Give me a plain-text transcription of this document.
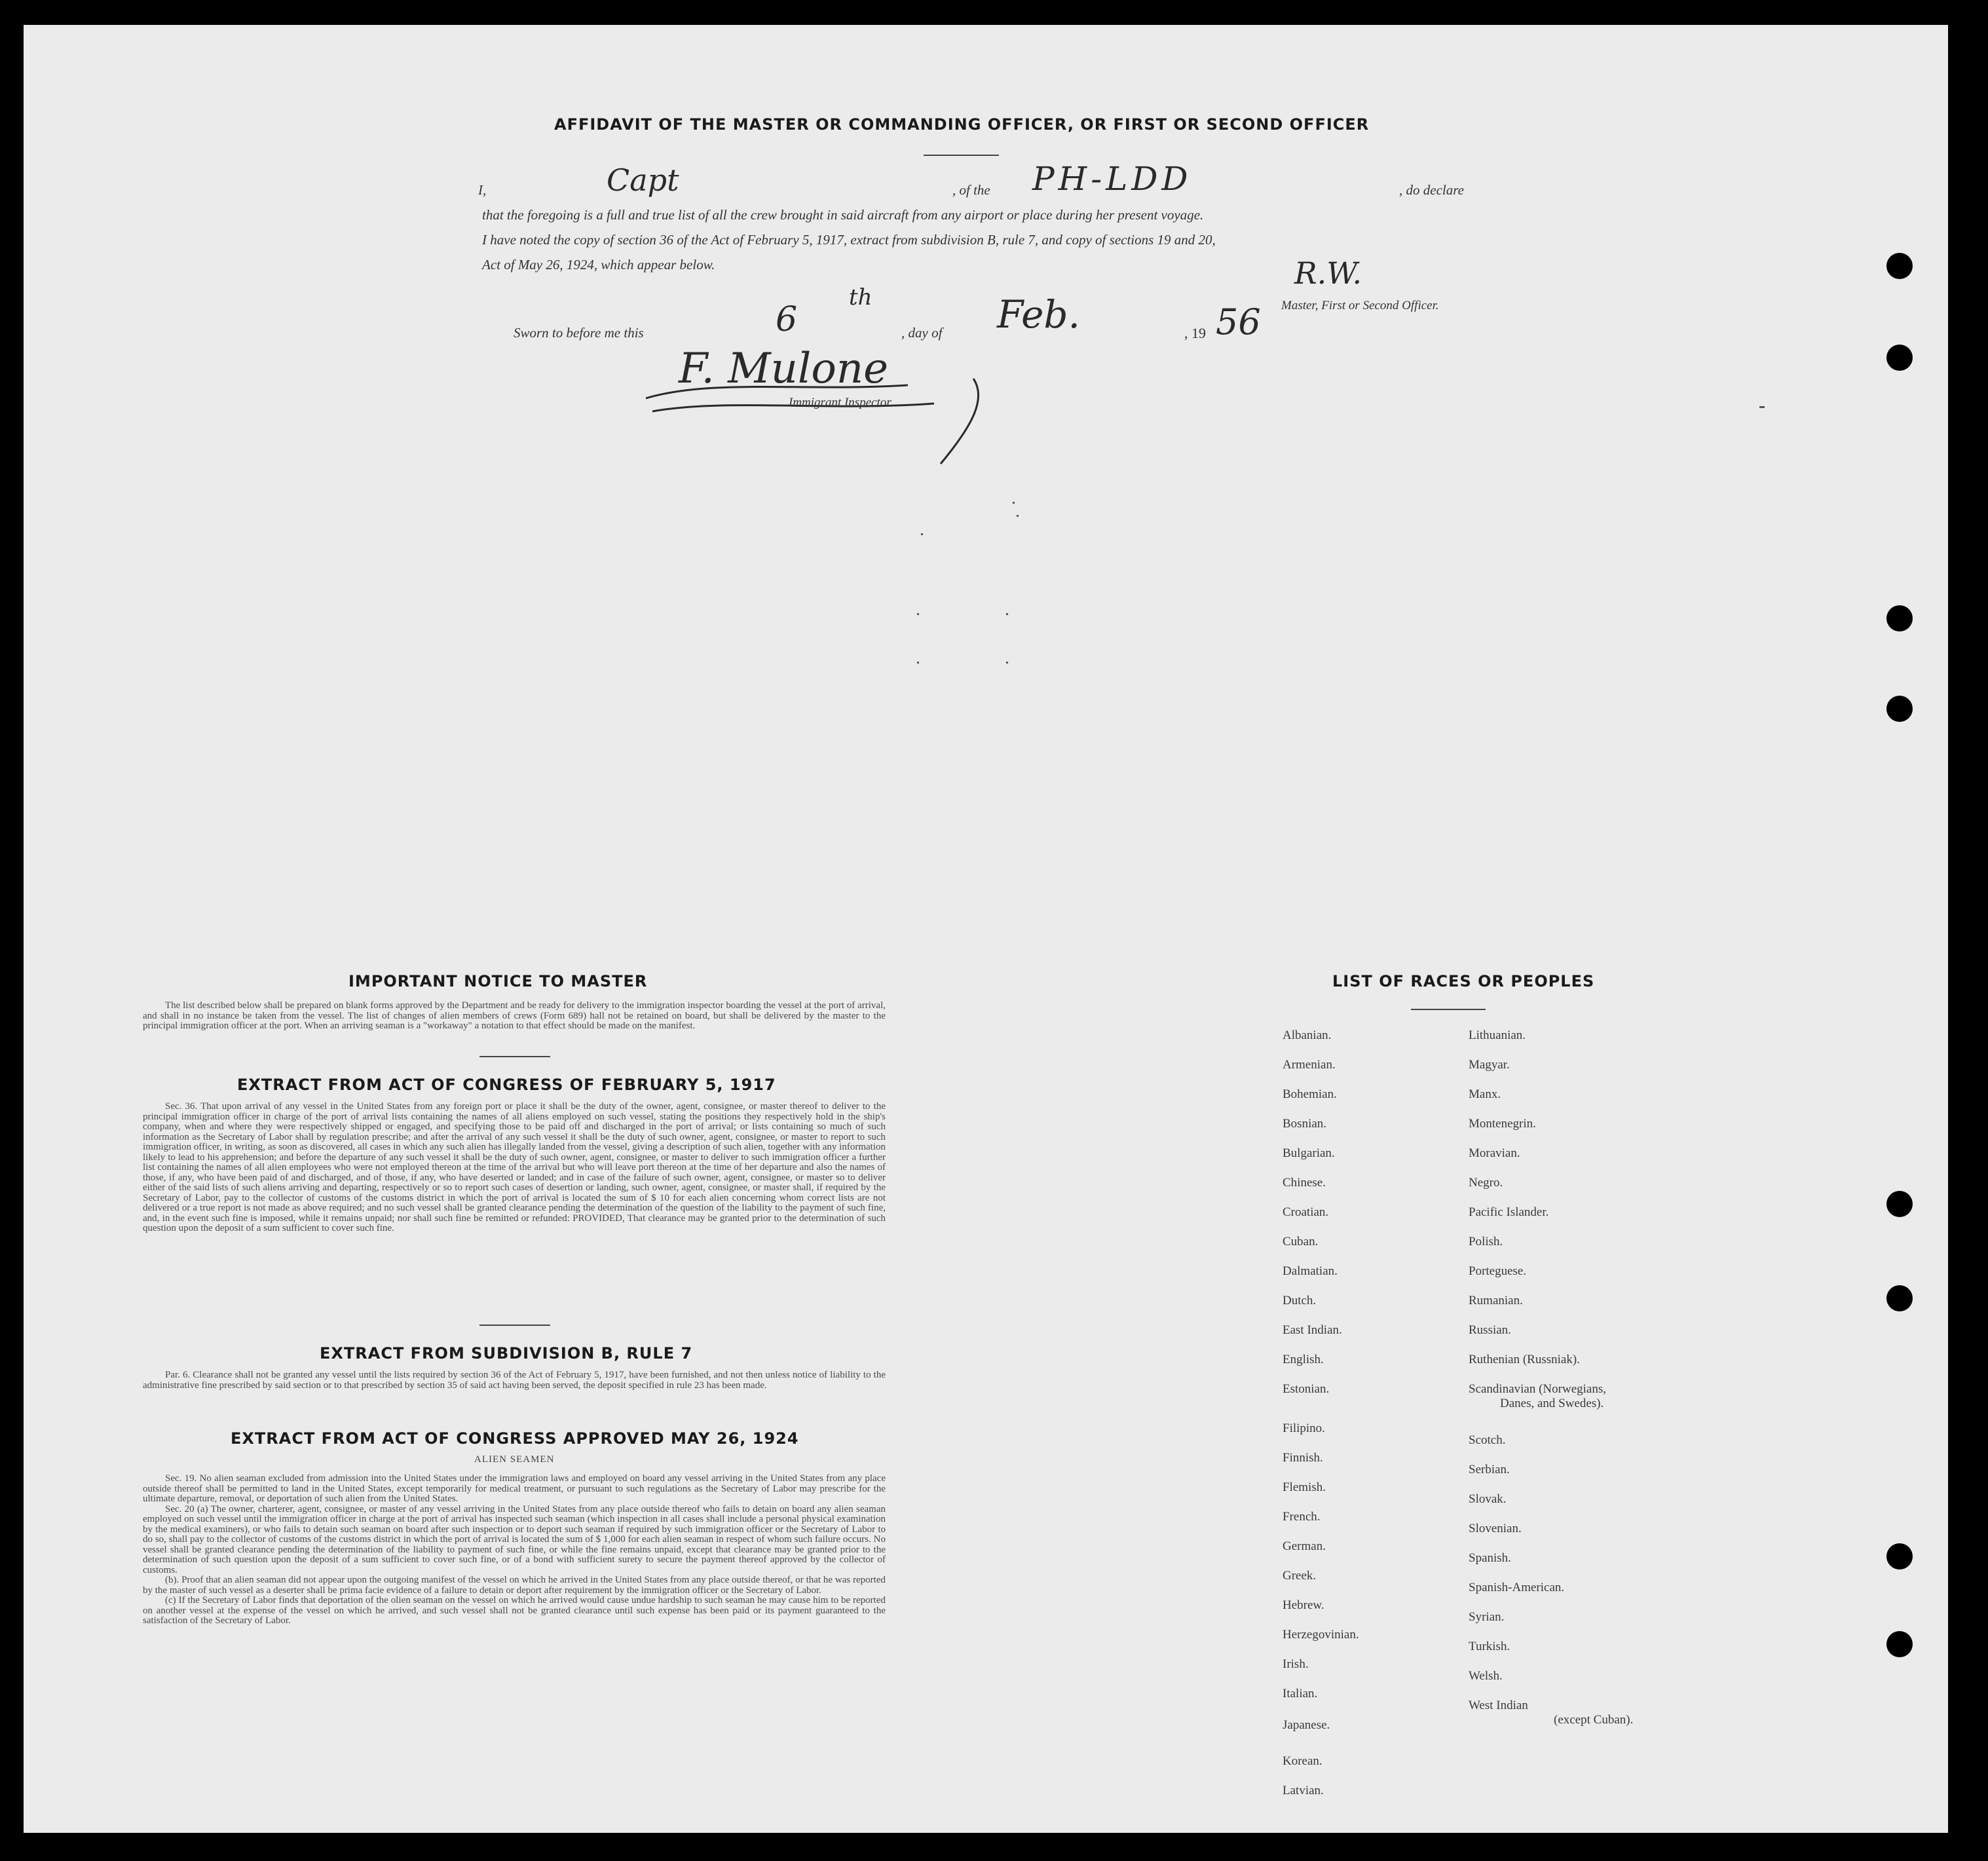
AFFIDAVIT OF THE MASTER OR COMMANDING OFFICER, OR FIRST OR SECOND OFFICER
I,	Capt	, of the PH-LDD	, do declare
that the foregoing is a full and true list of all the crew brought in said aircraft from any airport or place during her present voyage.
I have noted the copy of section 36 of the Act of February 5, 1917, extract from subdivision B, rule 7, and copy of sections 19 and 20,
Act of May 26, 1924, which appear below.	R.W.
Master, First or Second Officer.
Sworn to before me this	6
th
, day of Feb.	, 19 56
F. Mulone
Immigrant Inspector.
IMPORTANT NOTICE TO MASTER

The list described below shall be prepared on blank forms approved by the Department and be ready for delivery to the immigration inspector boarding the vessel at the port of arrival, and shall in no instance be taken from the vessel. The list of changes of alien members of crews (Form 689) hall not be retained on board, but shall be delivered by the master to the principal immigration officer at the port. When an arriving seaman is a "workaway" a notation to that effect should be made on the manifest.

EXTRACT FROM ACT OF CONGRESS OF FEBRUARY 5, 1917

Sec. 36. That upon arrival of any vessel in the United States from any foreign port or place it shall be the duty of the owner, agent, consignee, or master thereof to deliver to the principal immigration officer in charge of the port of arrival lists containing the names of all aliens employed on such vessel, stating the positions they respectively hold in the ship's company, when and where they were respectively shipped or engaged, and specifying those to be paid off and discharged in the port of arrival; or lists containing so much of such information as the Secretary of Labor shall by regulation prescribe; and after the arrival of any such vessel it shall be the duty of such owner, agent, consignee, or master to report to such immigration officer, in writing, as soon as discovered, all cases in which any such alien has illegally landed from the vessel, giving a description of such alien, together with any information likely to lead to his apprehension; and before the departure of any such vessel it shall be the duty of such owner, agent, consignee, or master to deliver to such immigration officer a further list containing the names of all alien employees who were not employed thereon at the time of the arrival but who will leave port thereon at the time of her departure and also the names of those, if any, who have been paid of and discharged, and of those, if any, who have deserted or landed; and in case of the failure of such owner, agent, consignee, or master so to deliver either of the said lists of such aliens arriving and departing, respectively or so to report such cases of desertion or landing, such owner, agent, consignee, or master shall, if required by the Secretary of Labor, pay to the collector of customs of the customs district in which the port of arrival is located the sum of $ 10 for each alien concerning whom correct lists are not delivered or a true report is not made as above required; and no such vessel shall be granted clearance pending the determination of the question of the liability to the payment of such fine, and, in the event such fine is imposed, while it remains unpaid; nor shall such fine be remitted or refunded: PROVIDED, That clearance may be granted prior to the determination of such question upon the deposit of a sum sufficient to cover such fine.

EXTRACT FROM SUBDIVISION B, RULE 7

Par. 6. Clearance shall not be granted any vessel until the lists required by section 36 of the Act of February 5, 1917, have been furnished, and not then unless notice of liability to the administrative fine prescribed by said section or to that prescribed by section 35 of said act having been served, the deposit specified in rule 23 has been made.

EXTRACT FROM ACT OF CONGRESS APPROVED MAY 26, 1924
ALIEN SEAMEN

Sec. 19. No alien seaman excluded from admission into the United States under the immigration laws and employed on board any vessel arriving in the United States from any place outside thereof shall be permitted to land in the United States, except temporarily for medical treatment, or pursuant to such regulations as the Secretary of Labor may prescribe for the ultimate departure, removal, or deportation of such alien from the United States.

Sec. 20 (a) The owner, charterer, agent, consignee, or master of any vessel arriving in the United States from any place outside thereof who fails to detain on board any alien seaman employed on such vessel until the immigration officer in charge at the port of arrival has inspected such seaman (which inspection in all cases shall include a personal physical examination by the medical examiners), or who fails to detain such seaman on board after such inspection or to deport such seaman if required by such immigration officer or the Secretary of Labor to do so, shall pay to the collector of customs of the customs district in which the port of arrival is located the sum of $ 1,000 for each alien seaman in respect of whom such failure occurs. No vessel shall be granted clearance pending the determination of the liability to payment of such fine, or while the fine remains unpaid, except that clearance may be granted prior to the determination of such question upon the deposit of a sum sufficient to cover such fine, or of a bond with sufficient surety to secure the payment thereof approved by the collector of customs.

(b). Proof that an alien seaman did not appear upon the outgoing manifest of the vessel on which he arrived in the United States from any place outside thereof, or that he was reported by the master of such vessel as a deserter shall be prima facie evidence of a failure to detain or deport after requirement by the immigration officer or the Secretary of Labor.

(c) If the Secretary of Labor finds that deportation of the olien seaman on the vessel on which he arrived would cause undue hardship to such seaman he may cause him to be reported on another vessel at the expense of the vessel on which he arrived, and such vessel shall not be granted clearance until such expense has been paid or its payment guaranteed to the satisfaction of the Secretary of Labor.

LIST OF RACES OR PEOPLES
Albanian.
Armenian.
Bohemian.
Bosnian.
Bulgarian.
Chinese.
Croatian.
Cuban.
Dalmatian.
Dutch.
East Indian.
English.
Estonian.
Filipino.
Finnish.
Flemish.
French.
German.
Greek.
Hebrew.
Herzegovinian.
Irish.
Italian.
Japanese.
Korean.
Latvian.
Lithuanian.
Magyar.
Manx.
Montenegrin.
Moravian.
Negro.
Pacific Islander.
Polish.
Porteguese.
Rumanian.
Russian.
Ruthenian (Russniak).
Scandinavian (Norwegians,
Danes, and Swedes).
Scotch.
Serbian.
Slovak.
Slovenian.
Spanish.
Spanish-American.
Syrian.
Turkish.
Welsh.
West Indian
(except Cuban).
